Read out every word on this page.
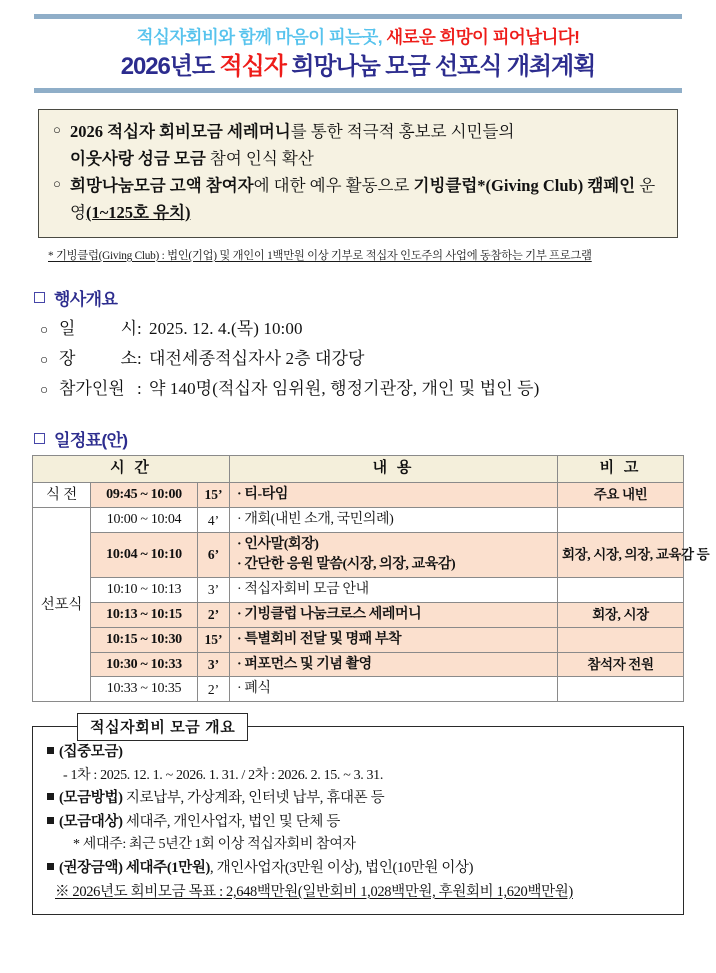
적십자회비와 함께 마음이 피는곳, 새로운 희망이 피어납니다!
2026년도 적십자 희망나눔 모금 선포식 개최계획
○ 2026 적십자 회비모금 세레머니를 통한 적극적 홍보로 시민들의
이웃사랑 성금 모금 참여 인식 확산
○ 희망나눔모금 고액 참여자에 대한 예우 활동으로 기빙클럽*(Giving Club) 캠페인 운영(1~125호 유치)
* 기빙클럽(Giving Club) : 법인(기업) 및 개인이 1백만원 이상 기부로 적십자 인도주의 사업에 동참하는 기부 프로그램
행사개요
○ 일	시 : 2025. 12. 4.(목) 10:00
○ 장	소 : 대전세종적십자사 2층 대강당
○ 참가인원 : 약 140명(적십자 임위원, 행정기관장, 개인 및 법인 등)
일정표(안)
시 간			내 용	비 고
식 전	09:45 ~ 10:00	15’	· 티-타임	주요 내빈
선포식	10:00 ~ 10:04	4’	· 개회(내빈 소개, 국민의례)	

	10:04 ~ 10:10	6’	· 인사말(회장)
· 간단한 응원 말씀(시장, 의장, 교육감)	회장, 시장, 의장, 교육감 등

	10:10 ~ 10:13	3’	· 적십자회비 모금 안내	

	10:13 ~ 10:15	2’	· 기빙클럽 나눔크로스 세레머니	회장, 시장
	10:15 ~ 10:30	15’	· 특별회비 전달 및 명패 부착	

	10:30 ~ 10:33	3’	· 퍼포먼스 및 기념 촬영	참석자 전원
	10:33 ~ 10:35	2’	· 폐식	

적십자회비 모금 개요
(집중모금)
- 1차 : 2025. 12. 1. ~ 2026. 1. 31. / 2차 : 2026. 2. 15. ~ 3. 31.
(모금방법) 지로납부, 가상계좌, 인터넷 납부, 휴대폰 등
(모금대상) 세대주, 개인사업자, 법인 및 단체 등
* 세대주: 최근 5년간 1회 이상 적십자회비 참여자
(권장금액) 세대주(1만원), 개인사업자(3만원 이상), 법인(10만원 이상)
※ 2026년도 회비모금 목표 : 2,648백만원(일반회비 1,028백만원, 후원회비 1,620백만원)
